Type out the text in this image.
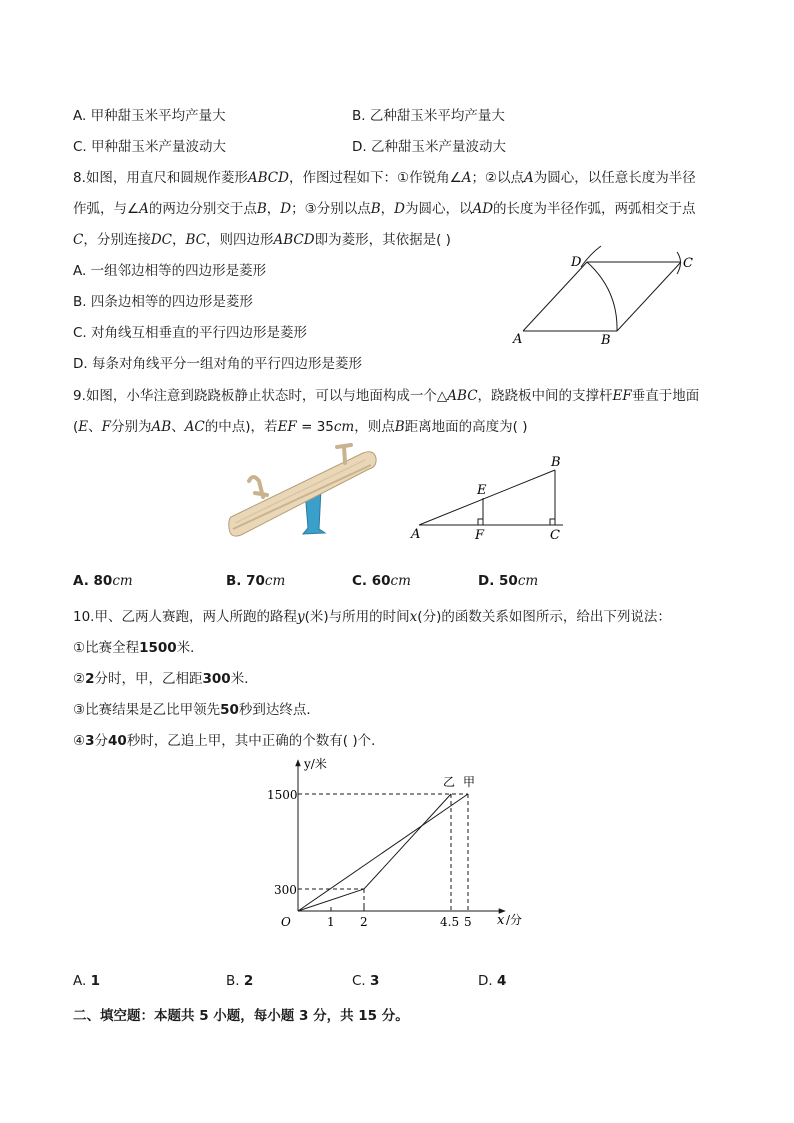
A. 甲种甜玉米平均产量大	B. 乙种甜玉米平均产量大
C. 甲种甜玉米产量波动大	D. 乙种甜玉米产量波动大
8.如图，用直尺和圆规作菱形ABCD，作图过程如下：①作锐角∠A；②以点A为圆心，以任意长度为半径
作弧，与∠A的两边分别交于点B，D；③分别以点B，D为圆心，以AD的长度为半径作弧，两弧相交于点
C，分别连接DC，BC，则四边形ABCD即为菱形，其依据是( )
A. 一组邻边相等的四边形是菱形
B. 四条边相等的四边形是菱形
C. 对角线互相垂直的平行四边形是菱形
D. 每条对角线平分一组对角的平行四边形是菱形
A	B
C
D
9.如图，小华注意到跷跷板静止状态时，可以与地面构成一个△ABC，跷跷板中间的支撑杆EF垂直于地面
(E、F分别为AB、AC的中点)，若EF = 35cm，则点B距离地面的高度为( )
A
B
C
E
F
A. 80cm	B. 70cm	C. 60cm	D. 50cm
10.甲、乙两人赛跑，两人所跑的路程y(米)与所用的时间x(分)的函数关系如图所示，给出下列说法：
①比赛全程1500米．
②2分时，甲，乙相距300米．
③比赛结果是乙比甲领先50秒到达终点．
④3分40秒时，乙追上甲，其中正确的个数有( )个．
y/米
O
1500
300
1 2	4.5 5 x /分
乙 甲
A. 1	B. 2	C. 3	D. 4
二、填空题：本题共 5 小题，每小题 3 分，共 15 分。
